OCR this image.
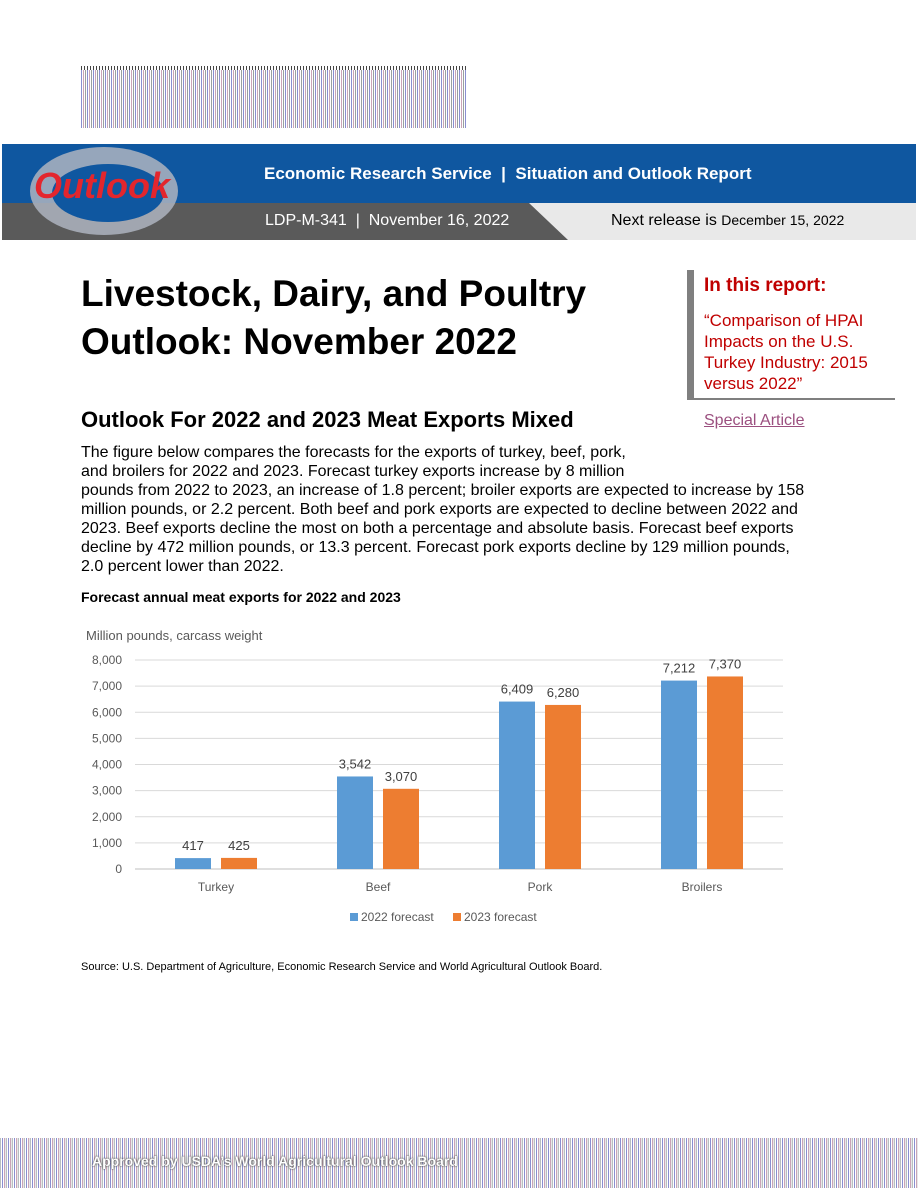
Outlook	Economic Research Service  |  Situation and Outlook Report
LDP-M-341  |  November 16, 2022	Next release is December 15, 2022
Livestock, Dairy, and Poultry Outlook: November 2022
In this report:
“Comparison of HPAI Impacts on the U.S. Turkey Industry: 2015 versus 2022”
Special Article
Outlook For 2022 and 2023 Meat Exports Mixed

The figure below compares the forecasts for the exports of turkey, beef, pork,
and broilers for 2022 and 2023. Forecast turkey exports increase by 8 million
pounds from 2022 to 2023, an increase of 1.8 percent; broiler exports are expected to increase by 158
million pounds, or 2.2 percent. Both beef and pork exports are expected to decline between 2022 and
2023. Beef exports decline the most on both a percentage and absolute basis. Forecast beef exports
decline by 472 million pounds, or 13.3 percent. Forecast pork exports decline by 129 million pounds,
2.0 percent lower than 2022.

Forecast annual meat exports for 2022 and 2023
Million pounds, carcass weight
0
1,000
2,000
3,000
4,000
5,000
6,000
7,000
8,000
417 425
Turkey
3,542
3,070
Beef
6,409 6,280
Pork
7,212 7,370
Broilers
2022 forecast	2023 forecast
Source: U.S. Department of Agriculture, Economic Research Service and World Agricultural Outlook Board.
Approved by USDA’s World Agricultural Outlook Board
